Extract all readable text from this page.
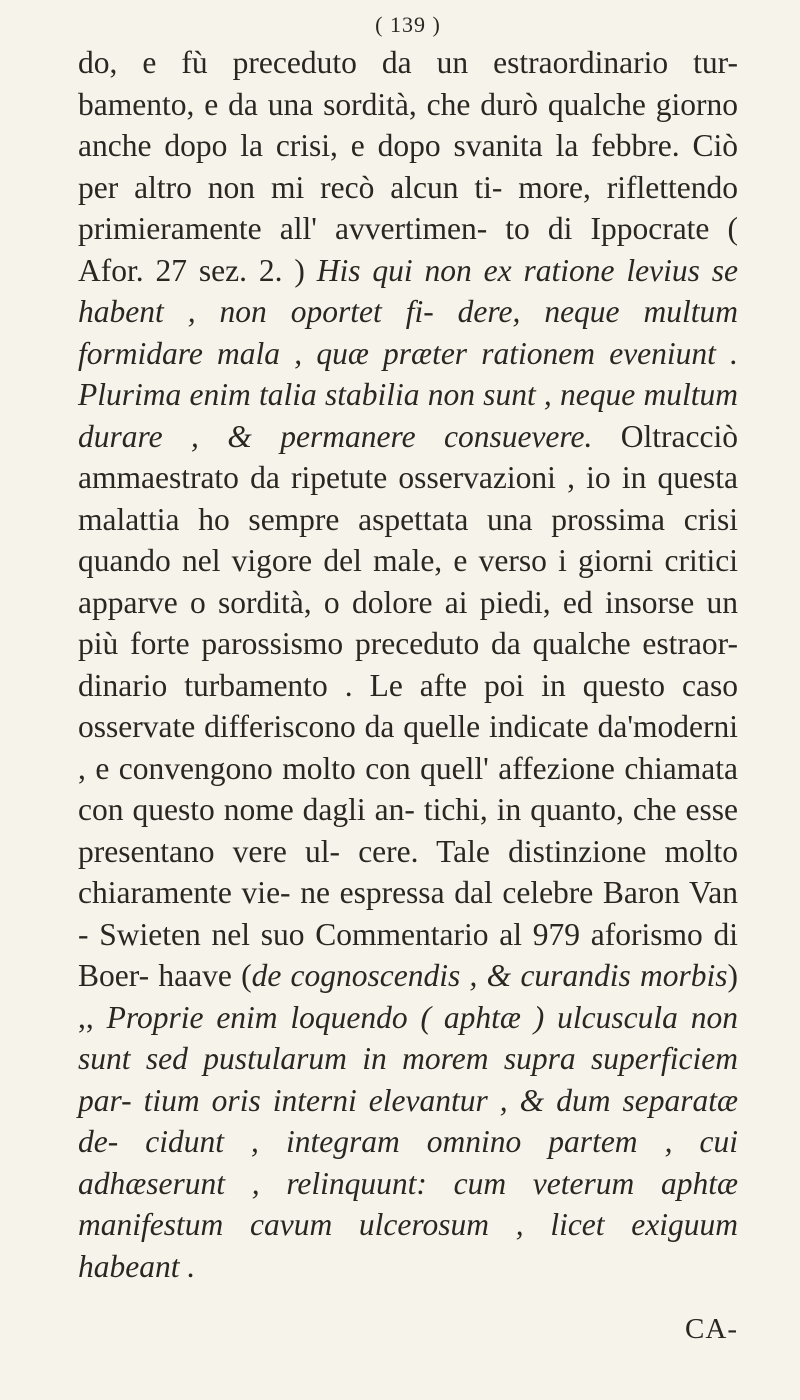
( 139 )

do, e fù preceduto da un estraordinario tur- bamento, e da una sordità, che durò qualche giorno anche dopo la crisi, e dopo svanita la febbre. Ciò per altro non mi recò alcun ti- more, riflettendo primieramente all' avvertimen- to di Ippocrate ( Afor. 27 sez. 2. ) His qui non ex ratione levius se habent , non oportet fi- dere, neque multum formidare mala , quæ præter rationem eveniunt . Plurima enim talia stabilia non sunt , neque multum durare , & permanere consuevere. Oltracciò ammaestrato da ripetute osservazioni , io in questa malattia ho sempre aspettata una prossima crisi quando nel vigore del male, e verso i giorni critici apparve o sordità, o dolore ai piedi, ed insorse un più forte parossismo preceduto da qualche estraor- dinario turbamento . Le afte poi in questo caso osservate differiscono da quelle indicate da'moderni , e convengono molto con quell' affezione chiamata con questo nome dagli an- tichi, in quanto, che esse presentano vere ul- cere. Tale distinzione molto chiaramente vie- ne espressa dal celebre Baron Van - Swieten nel suo Commentario al 979 aforismo di Boer- haave (de cognoscendis , & curandis morbis) ,, Proprie enim loquendo ( aphtæ ) ulcuscula non sunt sed pustularum in morem supra superficiem par- tium oris interni elevantur , & dum separatæ de- cidunt , integram omnino partem , cui adhæserunt , relinquunt: cum veterum aphtæ manifestum cavum ulcerosum , licet exiguum habeant .

CA-
